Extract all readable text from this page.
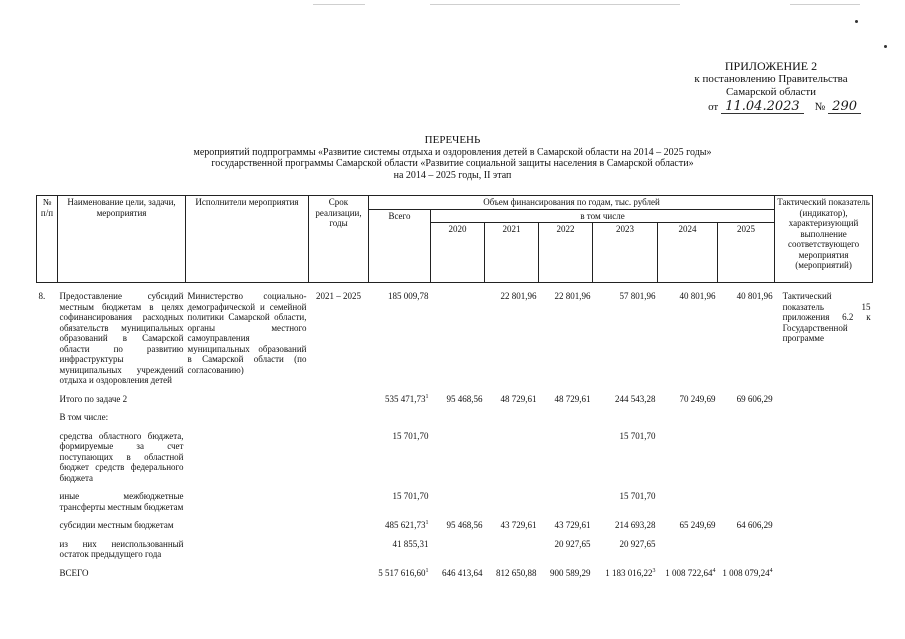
ПРИЛОЖЕНИЕ 2
к постановлению Правительства
Самарской области
от 11.04.2023	№ 290
ПЕРЕЧЕНЬ
мероприятий подпрограммы «Развитие системы отдыха и оздоровления детей в Самарской области на 2014 – 2025 годы»
государственной программы Самарской области «Развитие социальной защиты населения в Самарской области»
на 2014 – 2025 годы, II этап
№ п/п	Наименование цели, задачи, мероприятия	Исполнители мероприятия	Срок реализации, годы	Объем финансирования по годам, тыс. рублей							Тактический показатель (индикатор), характеризующий выполнение соответствующего мероприятия (мероприятий)
				Всего	в том числе						
					2020	2021	2022	2023	2024	2025	

8.	Предоставление субсидий местным бюджетам в целях софинансирования расходных обязательств муниципальных образований в Самарской области по развитию инфраструктуры муниципальных учреждений отдыха и оздоровления детей	Министерство социально-демографической и семейной политики Самарской области, органы местного самоуправления муниципальных образований в Самарской области (по согласованию)	2021 – 2025	185 009,78		22 801,96	22 801,96	57 801,96	40 801,96	40 801,96	Тактический показатель 15 приложения 6.2 к Государственной программе

	Итого по задаче 2			535 471,73$^1$	95 468,56	48 729,61	48 729,61	244 543,28	70 249,69	69 606,29	

	В том числе:										

	средства областного бюджета, формируемые за счет поступающих в областной бюджет средств федерального бюджета			15 701,70				15 701,70			

	иные межбюджетные трансферты местным бюджетам			15 701,70				15 701,70			

	субсидии местным бюджетам			485 621,73$^1$	95 468,56	43 729,61	43 729,61	214 693,28	65 249,69	64 606,29	

	из них неиспользованный остаток предыдущего года			41 855,31			20 927,65	20 927,65			

	ВСЕГО			5 517 616,60$^1$	646 413,64	812 650,88	900 589,29	1 183 016,22$^3$	1 008 722,64$^4$	1 008 079,24$^4$	
